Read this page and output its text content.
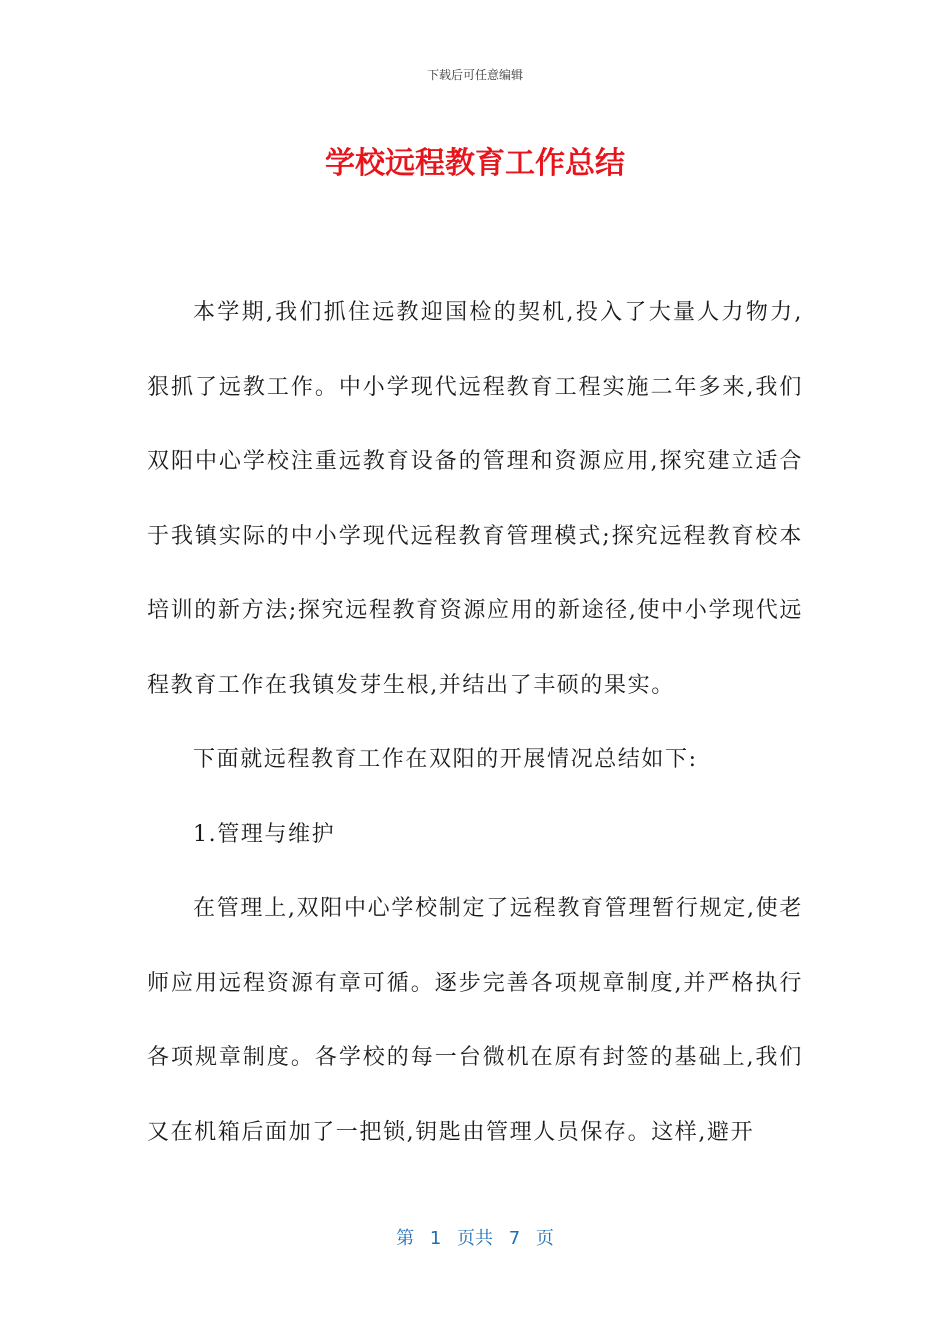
下载后可任意编辑
学校远程教育工作总结

本学期,我们抓住远教迎国检的契机,投入了大量人力物力,狠抓了远教工作。中小学现代远程教育工程实施二年多来,我们双阳中心学校注重远教育设备的管理和资源应用,探究建立适合于我镇实际的中小学现代远程教育管理模式;探究远程教育校本培训的新方法;探究远程教育资源应用的新途径,使中小学现代远程教育工作在我镇发芽生根,并结出了丰硕的果实。

下面就远程教育工作在双阳的开展情况总结如下:

1.管理与维护

在管理上,双阳中心学校制定了远程教育管理暂行规定,使老师应用远程资源有章可循。逐步完善各项规章制度,并严格执行各项规章制度。各学校的每一台微机在原有封签的基础上,我们又在机箱后面加了一把锁,钥匙由管理人员保存。这样,避开

第 1 页共 7 页
